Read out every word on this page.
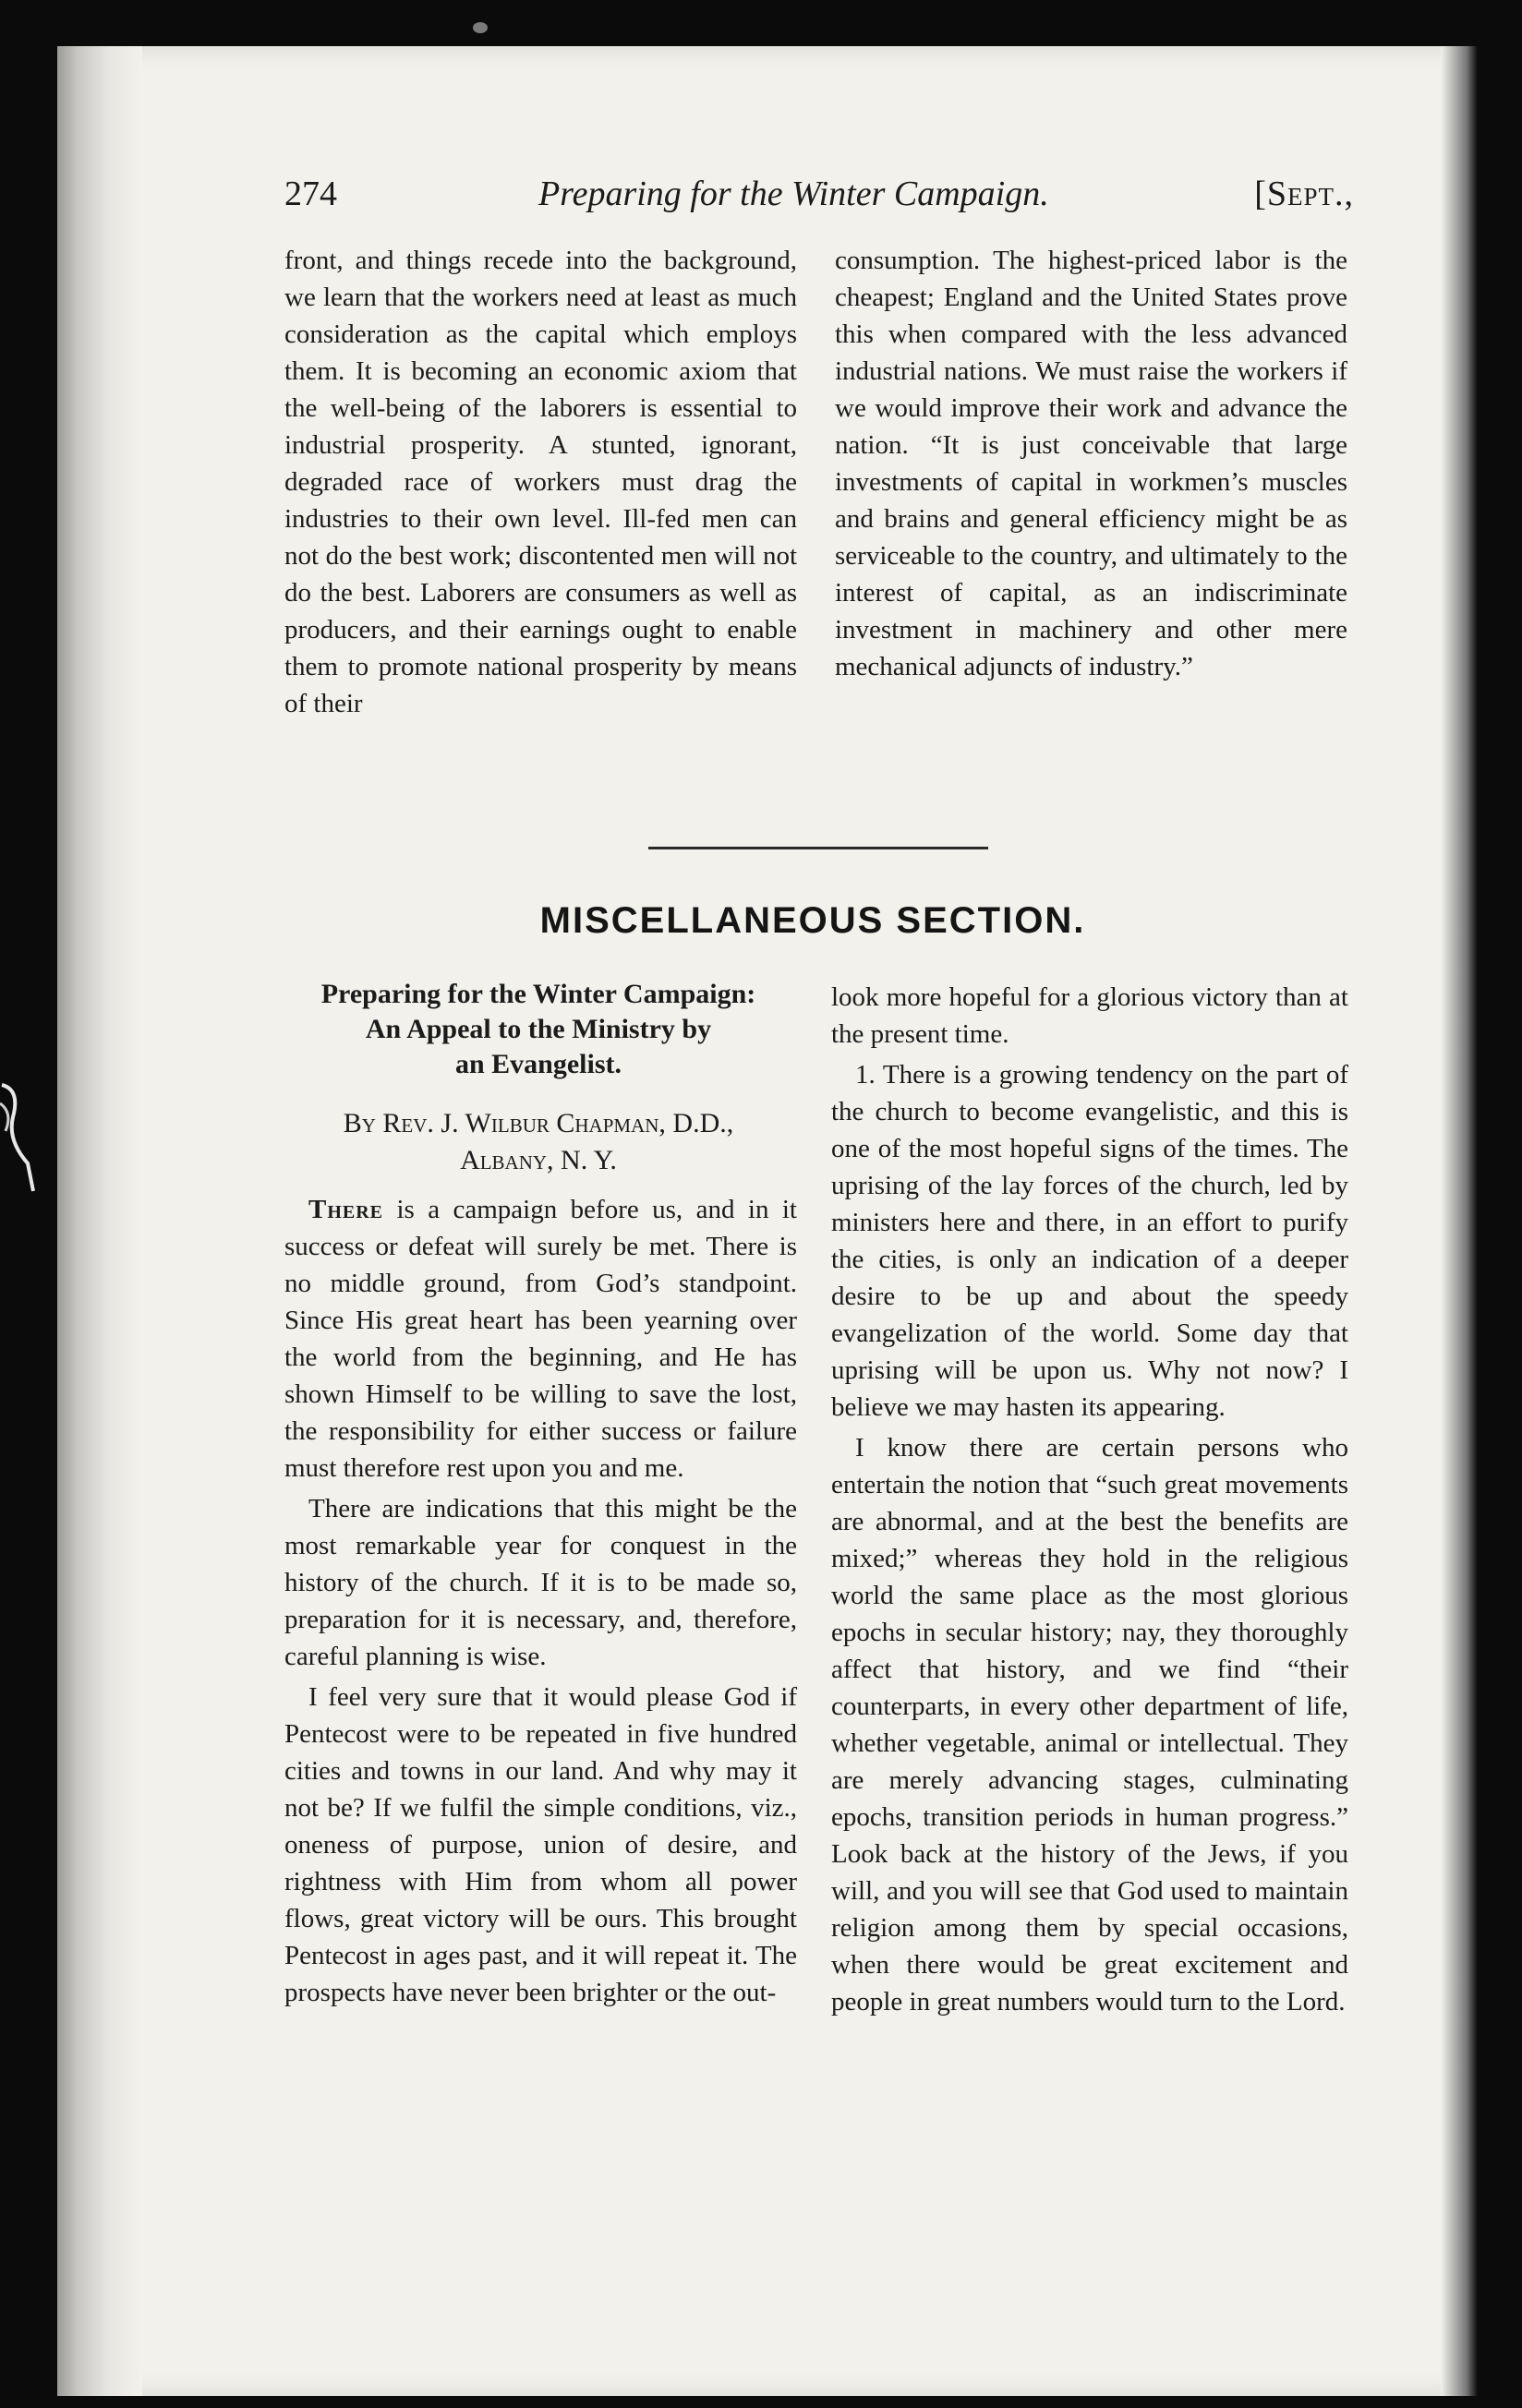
274	Preparing for the Winter Campaign.	[Sept.,

front, and things recede into the background, we learn that the workers need at least as much consideration as the capital which employs them. It is becoming an economic axiom that the well-being of the laborers is essential to industrial prosperity. A stunted, ignorant, degraded race of workers must drag the industries to their own level. Ill-fed men can not do the best work; discontented men will not do the best. Laborers are consumers as well as producers, and their earnings ought to enable them to promote national prosperity by means of their

consumption. The highest-priced labor is the cheapest; England and the United States prove this when compared with the less advanced industrial nations. We must raise the workers if we would improve their work and advance the nation. “It is just conceivable that large investments of capital in workmen’s muscles and brains and general efficiency might be as serviceable to the country, and ultimately to the interest of capital, as an indiscriminate investment in machinery and other mere mechanical adjuncts of industry.”

MISCELLANEOUS SECTION.
Preparing for the Winter Campaign:
An Appeal to the Ministry by
an Evangelist.
By Rev. J. Wilbur Chapman, D.D.,
Albany, N. Y.

There is a campaign before us, and in it success or defeat will surely be met. There is no middle ground, from God’s standpoint. Since His great heart has been yearning over the world from the beginning, and He has shown Himself to be willing to save the lost, the responsibility for either success or failure must therefore rest upon you and me.

There are indications that this might be the most remarkable year for conquest in the history of the church. If it is to be made so, preparation for it is necessary, and, therefore, careful planning is wise.

I feel very sure that it would please God if Pentecost were to be repeated in five hundred cities and towns in our land. And why may it not be? If we fulfil the simple conditions, viz., oneness of purpose, union of desire, and rightness with Him from whom all power flows, great victory will be ours. This brought Pentecost in ages past, and it will repeat it. The prospects have never been brighter or the out-

look more hopeful for a glorious victory than at the present time.

1. There is a growing tendency on the part of the church to become evangelistic, and this is one of the most hopeful signs of the times. The uprising of the lay forces of the church, led by ministers here and there, in an effort to purify the cities, is only an indication of a deeper desire to be up and about the speedy evangelization of the world. Some day that uprising will be upon us. Why not now? I believe we may hasten its appearing.

I know there are certain persons who entertain the notion that “such great movements are abnormal, and at the best the benefits are mixed;” whereas they hold in the religious world the same place as the most glorious epochs in secular history; nay, they thoroughly affect that history, and we find “their counterparts, in every other department of life, whether vegetable, animal or intellectual. They are merely advancing stages, culminating epochs, transition periods in human progress.” Look back at the history of the Jews, if you will, and you will see that God used to maintain religion among them by special occasions, when there would be great excitement and people in great numbers would turn to the Lord.
